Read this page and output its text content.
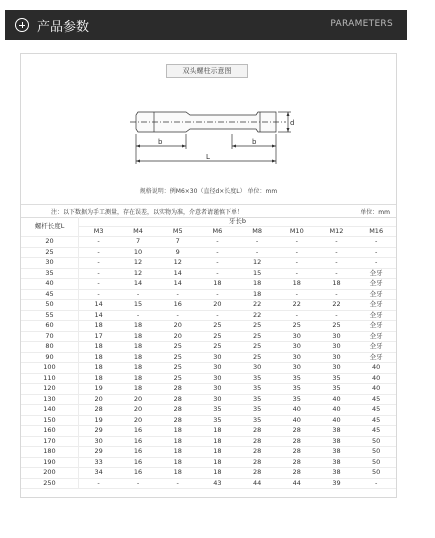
产品参数	PARAMETERS
双头螺柱示意图
b	b
L
d
规格说明：例M6×30（直径d×长度L） 单位：mm
注：以下数据为手工测量，存在误差，以实物为准，介意者请谨慎下单！	单位：mm
螺杆长度L	牙长b							
	M3	M4	M5	M6	M8	M10	M12	M16
20	-	7	7	-	-	-	-	-
25	-	10	9	-	-	-	-	-
30	-	12	12	-	12	-	-	-
35	-	12	14	-	15	-	-	全牙
40	-	14	14	18	18	18	18	全牙
45	-	-	-	-	18	-	-	全牙
50	14	15	16	20	22	22	22	全牙
55	14	-	-	-	22	-	-	全牙
60	18	18	20	25	25	25	25	全牙
70	17	18	20	25	25	30	30	全牙
80	18	18	25	25	25	30	30	全牙
90	18	18	25	30	25	30	30	全牙
100	18	18	25	30	30	30	30	40
110	18	18	25	30	35	35	35	40
120	19	18	28	30	35	35	35	40
130	20	20	28	30	35	35	40	45
140	28	20	28	35	35	40	40	45
150	19	20	28	35	35	40	40	45
160	29	16	18	18	28	28	38	45
170	30	16	18	18	28	28	38	50
180	29	16	18	18	28	28	38	50
190	33	16	18	18	28	28	38	50
200	34	16	18	18	28	28	38	50
250	-	-	-	43	44	44	39	-
